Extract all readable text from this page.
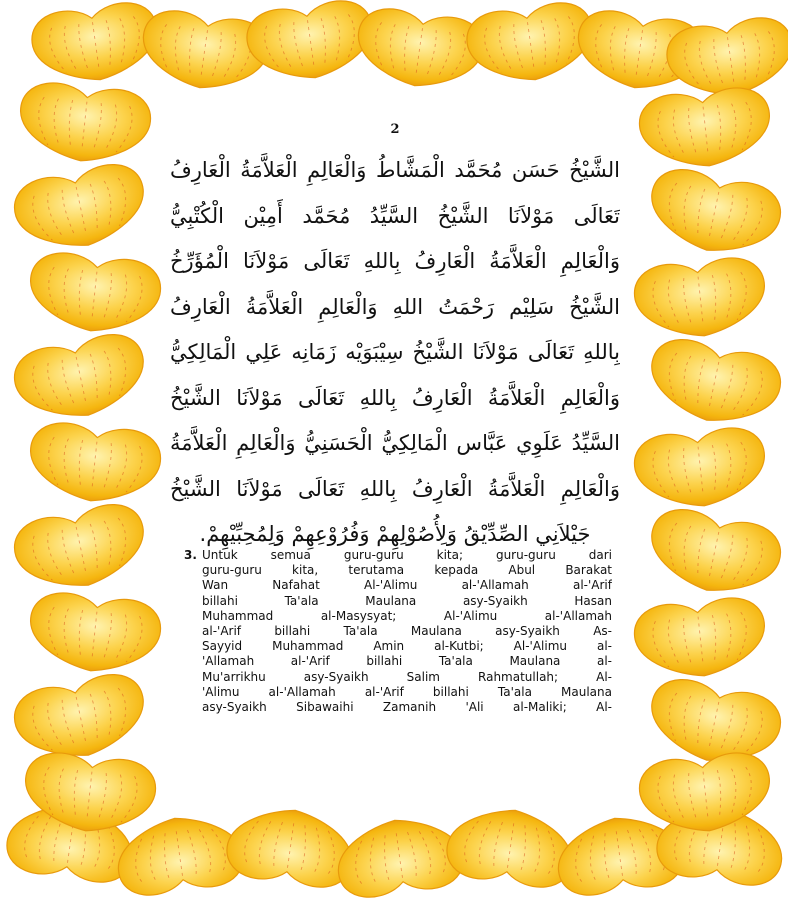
2
الشَّيْخُ حَسَن مُحَمَّد الْمَشَّاطُ وَالْعَالِمِ الْعَلاَّمَةُ الْعَارِفُ
تَعَالَى مَوْلاَنَا الشَّيْخُ السَّيِّدُ مُحَمَّد أَمِيْن الْكُتْبِيُّ
وَالْعَالِمِ الْعَلاَّمَةُ الْعَارِفُ بِاللهِ تَعَالَى مَوْلاَنَا الْمُؤَرِّخُ
الشَّيْخُ سَلِيْم رَحْمَتُ اللهِ وَالْعَالِمِ الْعَلاَّمَةُ الْعَارِفُ
بِاللهِ تَعَالَى مَوْلاَنَا الشَّيْخُ سِيْبَوَيْه زَمَانِه عَلِي الْمَالِكِيُّ
وَالْعَالِمِ الْعَلاَّمَةُ الْعَارِفُ بِاللهِ تَعَالَى مَوْلاَنَا الشَّيْخُ
السَّيِّدُ عَلَوِي عَبَّاس الْمَالِكِيُّ الْحَسَنِيُّ وَالْعَالِمِ الْعَلاَّمَةُ
وَالْعَالِمِ الْعَلاَّمَةُ الْعَارِفُ بِاللهِ تَعَالَى مَوْلاَنَا الشَّيْخُ
جَيْلاَنِي الصِّدِّيْقُ وَلِأُصُوْلِهِمْ وَفُرُوْعِهِمْ وَلِمُحِبِّيْهِمْ.
3. Untuk semua guru-guru kita; guru-guru dari
guru-guru kita, terutama kepada Abul Barakat
Wan Nafahat Al-'Alimu al-'Allamah al-'Arif
billahi Ta'ala Maulana asy-Syaikh Hasan
Muhammad al-Masysyat; Al-'Alimu al-'Allamah
al-'Arif billahi Ta'ala Maulana asy-Syaikh As-
Sayyid Muhammad Amin al-Kutbi; Al-'Alimu al-
'Allamah al-'Arif billahi Ta'ala Maulana al-
Mu'arrikhu asy-Syaikh Salim Rahmatullah; Al-
'Alimu al-'Allamah al-'Arif billahi Ta'ala Maulana
asy-Syaikh Sibawaihi Zamanih 'Ali al-Maliki; Al-
